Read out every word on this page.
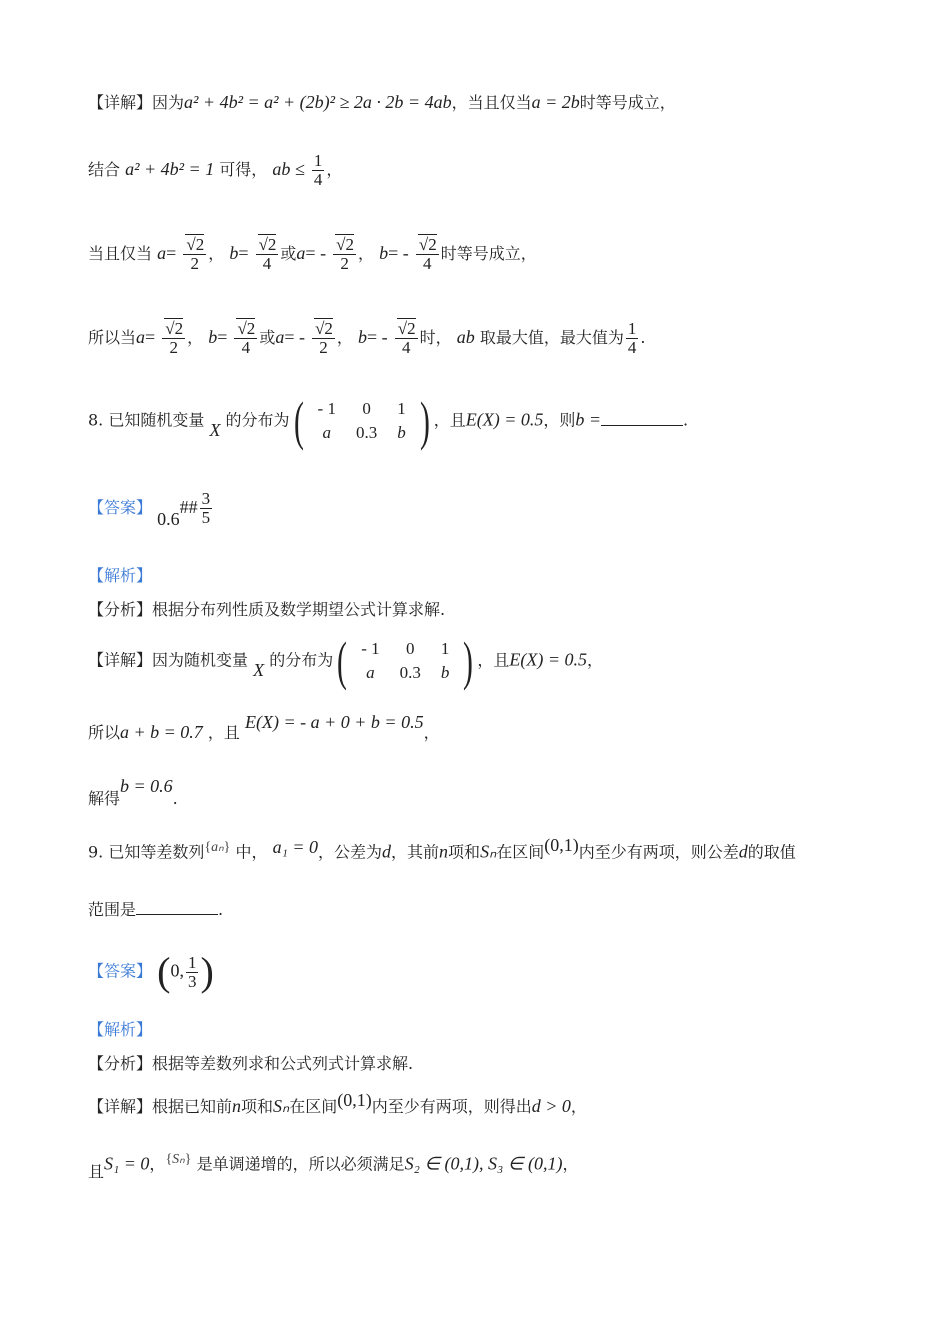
【详解】因为a² + 4b² = a² + (2b)² ≥ 2a · 2b = 4ab，当且仅当a = 2b时等号成立，
结合 a² + 4b² = 1 可得， ab ≤ $\frac{1}{4}$ ，
当且仅当 $a= \frac{√2}{2}$ ， $b= \frac{√2}{4}$ 或$a= - \frac{√2}{2}$ ， $b= - \frac{√2}{4}$ 时等号成立，
所以当$a= \frac{√2}{2}$ ， $b= \frac{√2}{4}$ 或$a= - \frac{√2}{2}$ ， $b= - \frac{√2}{4}$ 时， ab 取最大值，最大值为 $\frac{1}{4}$ .
8. 已知随机变量 X 的分布为 ( - 1	0	1
a	0.3	b ) ，且E(X) = 0.5，则b =	.
【答案】 0.6## $\frac{3}{5}$
【解析】
【分析】根据分布列性质及数学期望公式计算求解.
【详解】因为随机变量 X 的分布为 ( - 1	0	1
a	0.3	b ) ，且E(X) = 0.5，
所以a + b = 0.7 ，且 E(X) = - a + 0 + b = 0.5，
解得b = 0.6.
9. 已知等差数列{aₙ} 中， a₁ = 0，公差为d，其前n项和Sₙ在区间(0,1)内至少有两项，则公差d的取值
范围是	.
【答案】 (0, $\frac{1}{3}$ )
【解析】
【分析】根据等差数列求和公式列式计算求解.
【详解】根据已知前n项和Sₙ在区间(0,1)内至少有两项，则得出d > 0，
且S₁ = 0，{Sₙ} 是单调递增的，所以必须满足S₂ ∈ (0,1), S₃ ∈ (0,1)，
